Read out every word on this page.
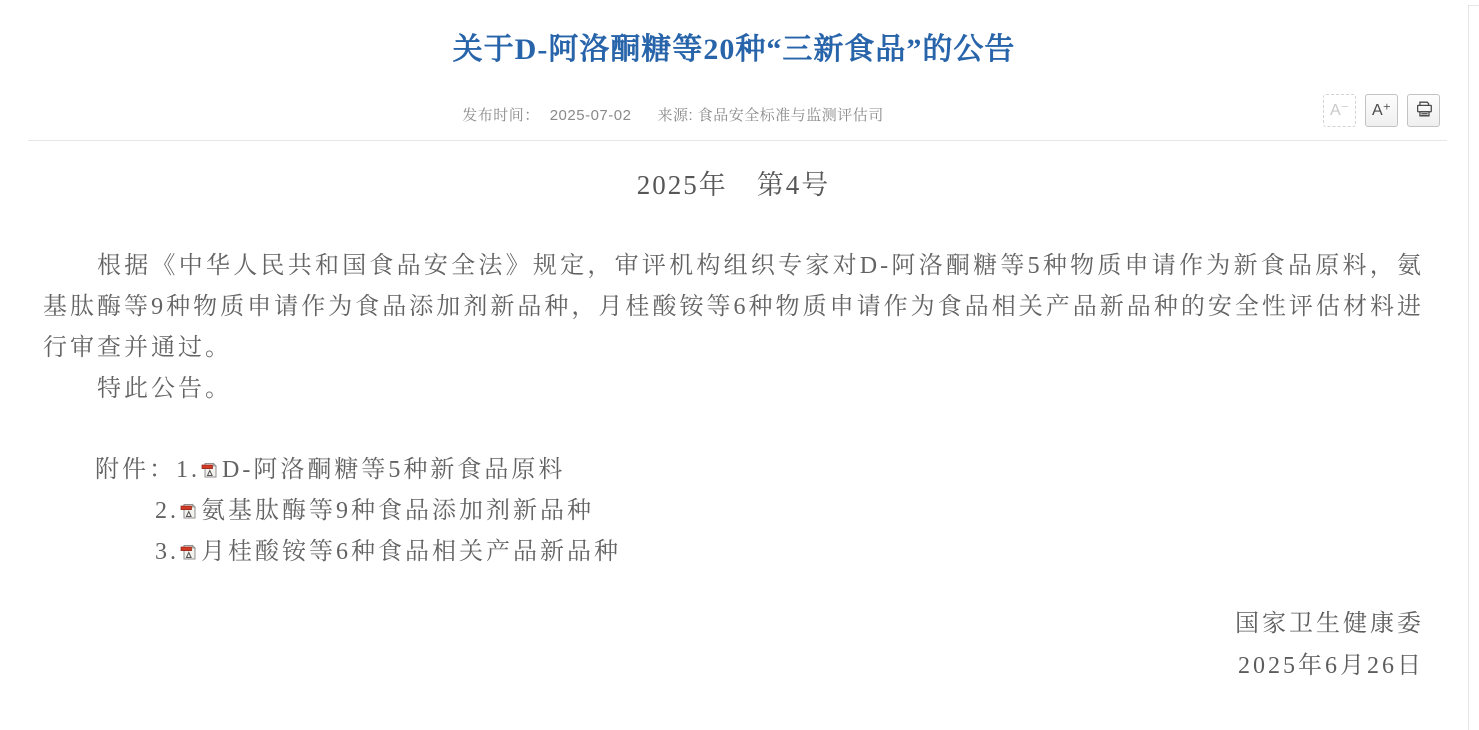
关于D-阿洛酮糖等20种“三新食品”的公告
发布时间： 2025-07-02 来源: 食品安全标准与监测评估司	A⁻	A⁺
2025年　第4号

根据《中华人民共和国食品安全法》规定，审评机构组织专家对D-阿洛酮糖等5种物质申请作为新食品原料，氨基肽酶等9种物质申请作为食品添加剂新品种，月桂酸铵等6种物质申请作为食品相关产品新品种的安全性评估材料进行审查并通过。

特此公告。

附件：1. D-阿洛酮糖等5种新食品原料
2. 氨基肽酶等9种食品添加剂新品种
3. 月桂酸铵等6种食品相关产品新品种
国家卫生健康委
2025年6月26日
